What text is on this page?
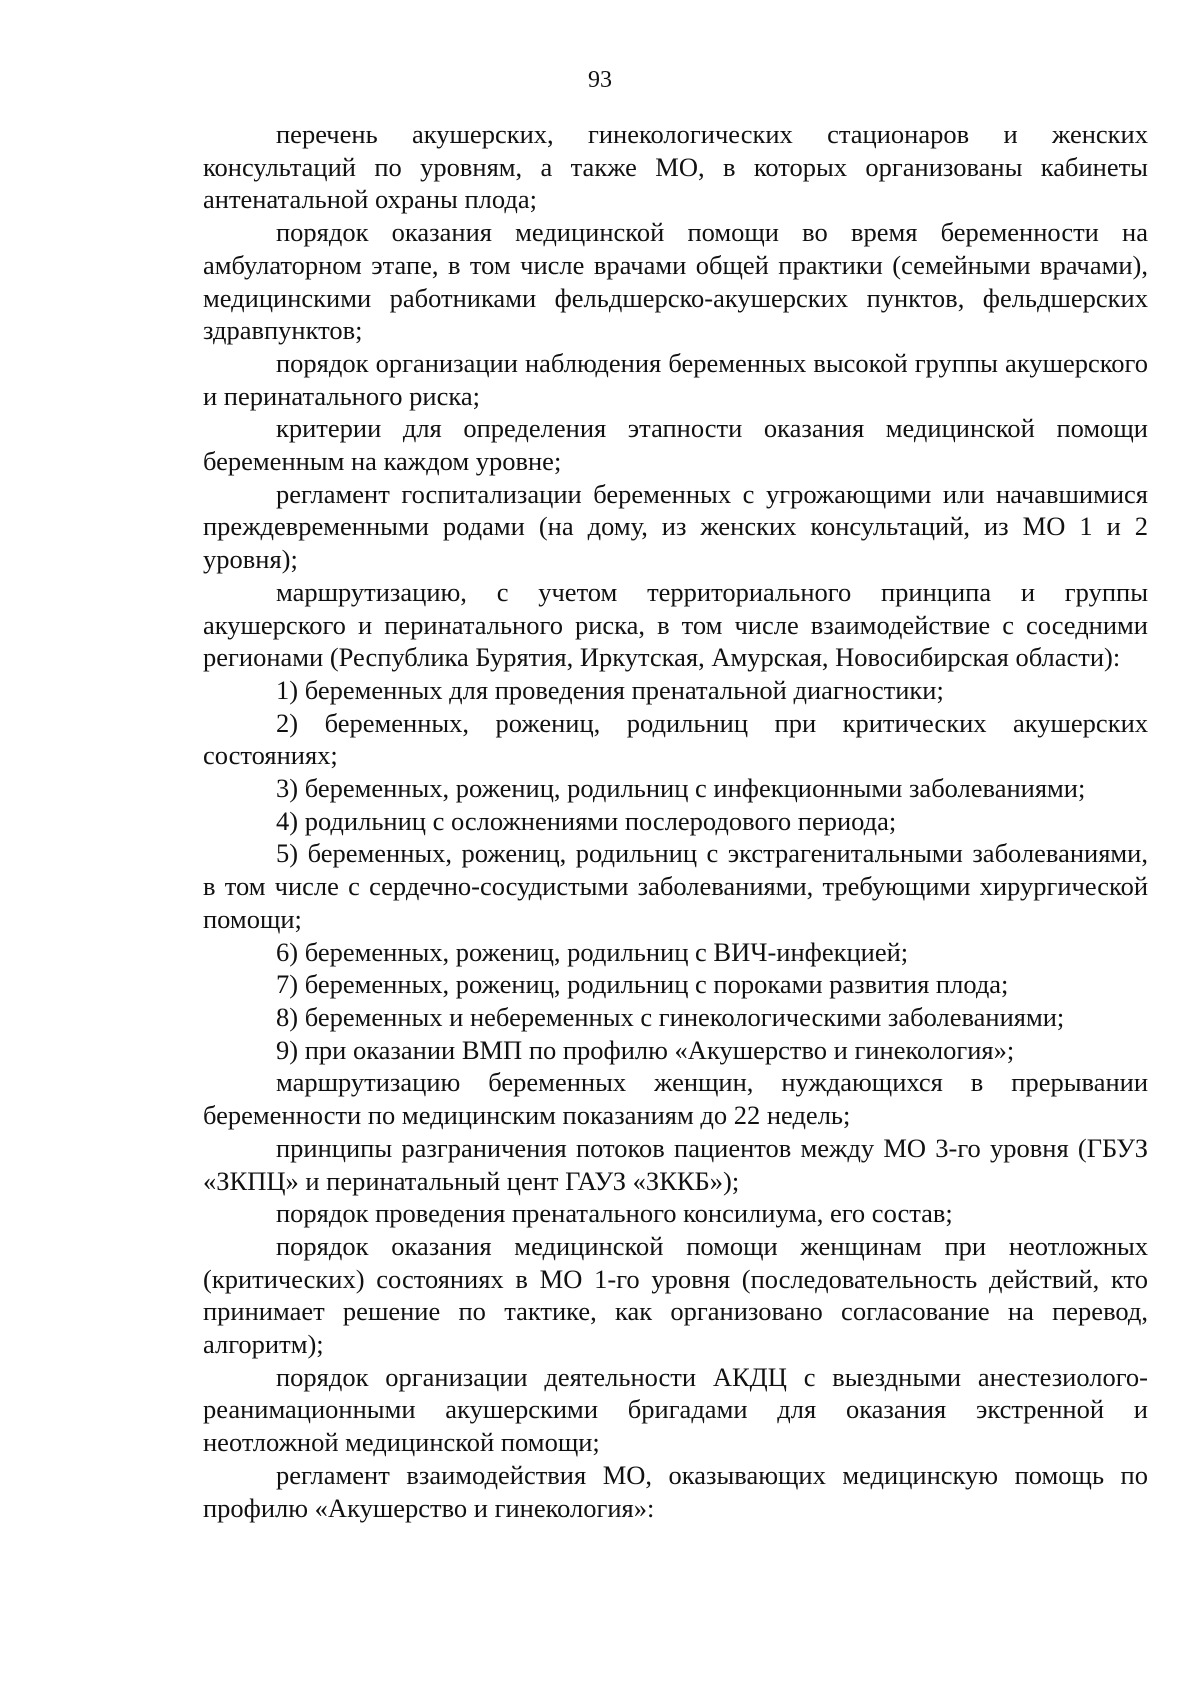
93

перечень акушерских, гинекологических стационаров и женских консультаций по уровням, а также МО, в которых организованы кабинеты антенатальной охраны плода;

порядок оказания медицинской помощи во время беременности на амбулаторном этапе, в том числе врачами общей практики (семейными врачами), медицинскими работниками фельдшерско-акушерских пунктов, фельдшерских здравпунктов;

порядок организации наблюдения беременных высокой группы акушерского и перинатального риска;

критерии для определения этапности оказания медицинской помощи беременным на каждом уровне;

регламент госпитализации беременных с угрожающими или начавшимися преждевременными родами (на дому, из женских консультаций, из МО 1 и 2 уровня);

маршрутизацию, с учетом территориального принципа и группы акушерского и перинатального риска, в том числе взаимодействие с соседними регионами (Республика Бурятия, Иркутская, Амурская, Новосибирская области):

1) беременных для проведения пренатальной диагностики;

2) беременных, рожениц, родильниц при критических акушерских состояниях;

3) беременных, рожениц, родильниц с инфекционными заболеваниями;

4) родильниц с осложнениями послеродового периода;

5) беременных, рожениц, родильниц с экстрагенитальными заболеваниями, в том числе с сердечно-сосудистыми заболеваниями, требующими хирургической помощи;

6) беременных, рожениц, родильниц с ВИЧ-инфекцией;

7) беременных, рожениц, родильниц с пороками развития плода;

8) беременных и небеременных с гинекологическими заболеваниями;

9) при оказании ВМП по профилю «Акушерство и гинекология»;

маршрутизацию беременных женщин, нуждающихся в прерывании беременности по медицинским показаниям до 22 недель;

принципы разграничения потоков пациентов между МО 3-го уровня (ГБУЗ «ЗКПЦ» и перинатальный цент ГАУЗ «ЗККБ»);

порядок проведения пренатального консилиума, его состав;

порядок оказания медицинской помощи женщинам при неотложных (критических) состояниях в МО 1-го уровня (последовательность действий, кто принимает решение по тактике, как организовано согласование на перевод, алгоритм);

порядок организации деятельности АКДЦ с выездными анестезиолого-реанимационными акушерскими бригадами для оказания экстренной и неотложной медицинской помощи;

регламент взаимодействия МО, оказывающих медицинскую помощь по профилю «Акушерство и гинекология»:
